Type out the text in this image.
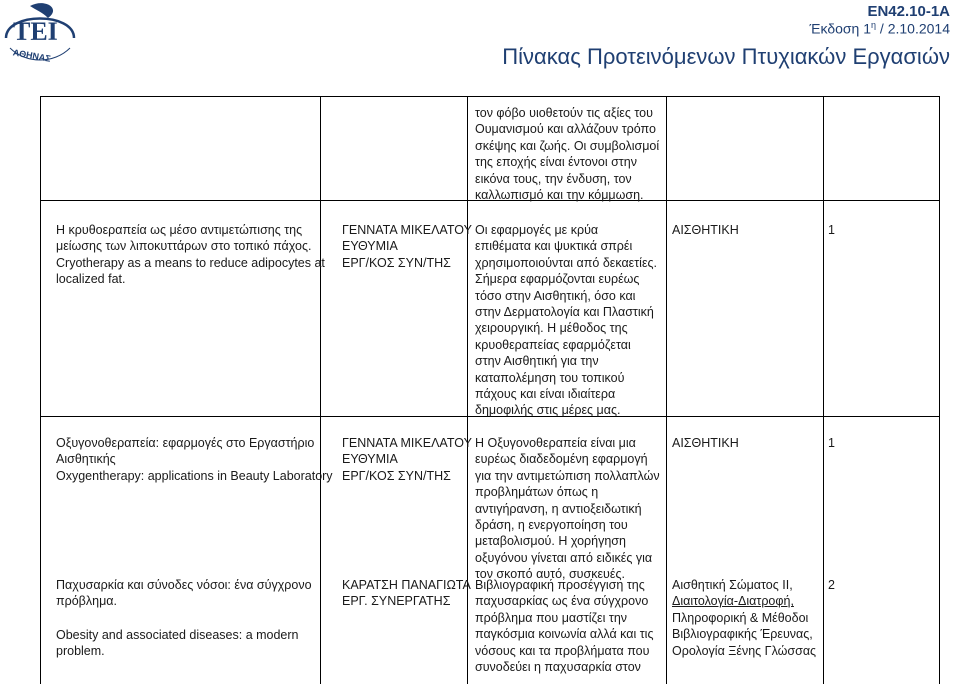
ΤΕΙ
ΑΘΗΝΑΣ
ΕΝ42.10-1Α
Έκδοση $1^\eta / 2.10.2014$
Πίνακας Προτεινόμενων Πτυχιακών Εργασιών

τον φόβο υιοθετούν τις αξίες του

Ουμανισμού και αλλάζουν τρόπο

σκέψης και ζωής. Οι συμβολισμοί

της εποχής είναι έντονοι στην

εικόνα τους, την ένδυση, τον

καλλωπισμό και την κόμμωση.

Η κρυθοεραπεία ως μέσο αντιμετώπισης της

μείωσης των λιποκυττάρων στο τοπικό πάχος.

Cryotherapy as a means to reduce adipocytes at

localized fat.

ΓΕΝΝΑΤΑ ΜΙΚΕΛΑΤΟΥ

ΕΥΘΥΜΙΑ

ΕΡΓ/ΚΟΣ ΣΥΝ/ΤΗΣ

Οι εφαρμογές με κρύα

επιθέματα και ψυκτικά σπρέι

χρησιμοποιούνται από δεκαετίες.

Σήμερα εφαρμόζονται ευρέως

τόσο στην Αισθητική, όσο και

στην Δερματολογία και Πλαστική

χειρουργική. Η μέθοδος της

κρυοθεραπείας εφαρμόζεται

στην Αισθητική για την

καταπολέμηση του τοπικού

πάχους και είναι ιδιαίτερα

δημοφιλής στις μέρες μας.

ΑΙΣΘΗΤΙΚΗ	1

Οξυγονοθεραπεία: εφαρμογές στο Εργαστήριο

Αισθητικής

Oxygentherapy: applications in Beauty Laboratory

ΓΕΝΝΑΤΑ ΜΙΚΕΛΑΤΟΥ

ΕΥΘΥΜΙΑ

ΕΡΓ/ΚΟΣ ΣΥΝ/ΤΗΣ

Η Οξυγονοθεραπεία είναι μια

ευρέως διαδεδομένη εφαρμογή

για την αντιμετώπιση πολλαπλών

προβλημάτων όπως η

αντιγήρανση, η αντιοξειδωτική

δράση, η ενεργοποίηση του

μεταβολισμού. Η χορήγηση

οξυγόνου γίνεται από ειδικές για

τον σκοπό αυτό, συσκευές.

ΑΙΣΘΗΤΙΚΗ	1

Παχυσαρκία και σύνοδες νόσοι: ένα σύγχρονο

πρόβλημα.

Obesity and associated diseases: a modern

problem.

ΚΑΡΑΤΣΗ ΠΑΝΑΓΙΩΤΑ

ΕΡΓ. ΣΥΝΕΡΓΑΤΗΣ

Βιβλιογραφική προσέγγιση της

παχυσαρκίας ως ένα σύγχρονο

πρόβλημα που μαστίζει την

παγκόσμια κοινωνία αλλά και τις

νόσους και τα προβλήματα που

συνοδεύει η παχυσαρκία στον

Αισθητική Σώματος ΙΙ,

Διαιτολογία-Διατροφή,

Πληροφορική & Μέθοδοι

Βιβλιογραφικής Έρευνας,

Ορολογία Ξένης Γλώσσας

2
